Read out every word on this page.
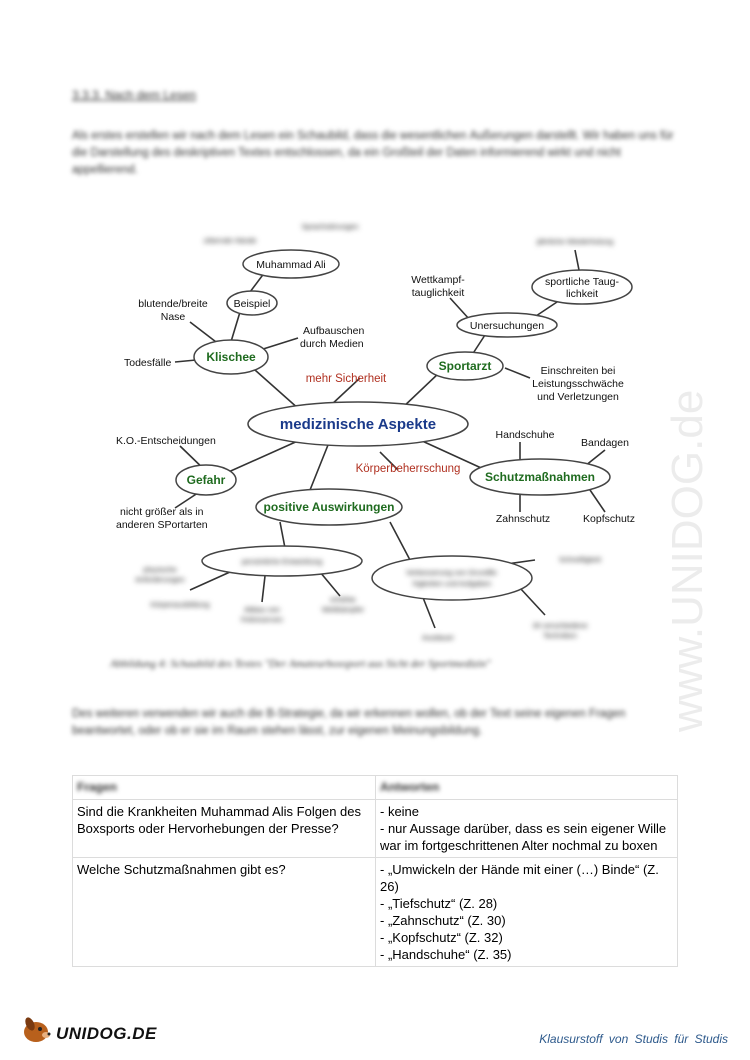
3.3.3. Nach dem Lesen
Als erstes erstellen wir nach dem Lesen ein Schaubild, dass die wesentlichen Äußerungen darstellt. Wir haben uns für die Darstellung des deskriptiven Textes entschlossen, da ein Großteil der Daten informierend wirkt und nicht appellierend.
medizinische Aspekte
Klischee
Sportarzt
Gefahr	Schutzmaßnahmen
positive Auswirkungen
mehr Sicherheit
Körperbeherrschung
Muhammad Ali
Beispiel
zitternde Hände
Sprachstörungen
jährliche Wiederholung
blutende/breite
Nase
Aufbauschen
durch Medien
Todesfälle
Wettkampf-
tauglichkeit
Unersuchungen
sportliche Taug-
lichkeit
Einschreiten bei
Leistungsschwäche
und Verletzungen
K.O.-Entscheidungen
nicht größer als in
anderen SPortarten
Handschuhe
Bandagen
Zahnschutz	Kopfschutz
persönliche Entwicklung
Verbesserung von Grundfä-
higkeiten und Aufgaben
physische
Anforderungen
Körperausbildung
Abbau von
Fettreserven
erhöhte
Wettkämpfer
Schnelligkeit
Ausdauer
30 verschiedene
Techniken
Abbildung 4: Schaubild des Textes "Der Amateurboxsport aus Sicht der Sportmedizin"
Des weiteren verwenden wir auch die B-Strategie, da wir erkennen wollen, ob der Text seine eigenen Fragen beantwortet, oder ob er sie im Raum stehen lässt, zur eigenen Meinungsbildung.
Fragen	Antworten
Sind die Krankheiten Muhammad Alis Folgen des Boxsports oder Hervorhebungen der Presse?	- keine
- nur Aussage darüber, dass es sein eigener Wille war im fortgeschrittenen Alter nochmal zu boxen

Welche Schutzmaßnahmen gibt es?	- „Umwickeln der Hände mit einer (…) Binde“ (Z. 26)
- „Tiefschutz“ (Z. 28)
- „Zahnschutz“ (Z. 30)
- „Kopfschutz“ (Z. 32)
- „Handschuhe“ (Z. 35)
www.UNIDOG.de
UNIDOG.DE	Klausurstoff von Studis für Studis
